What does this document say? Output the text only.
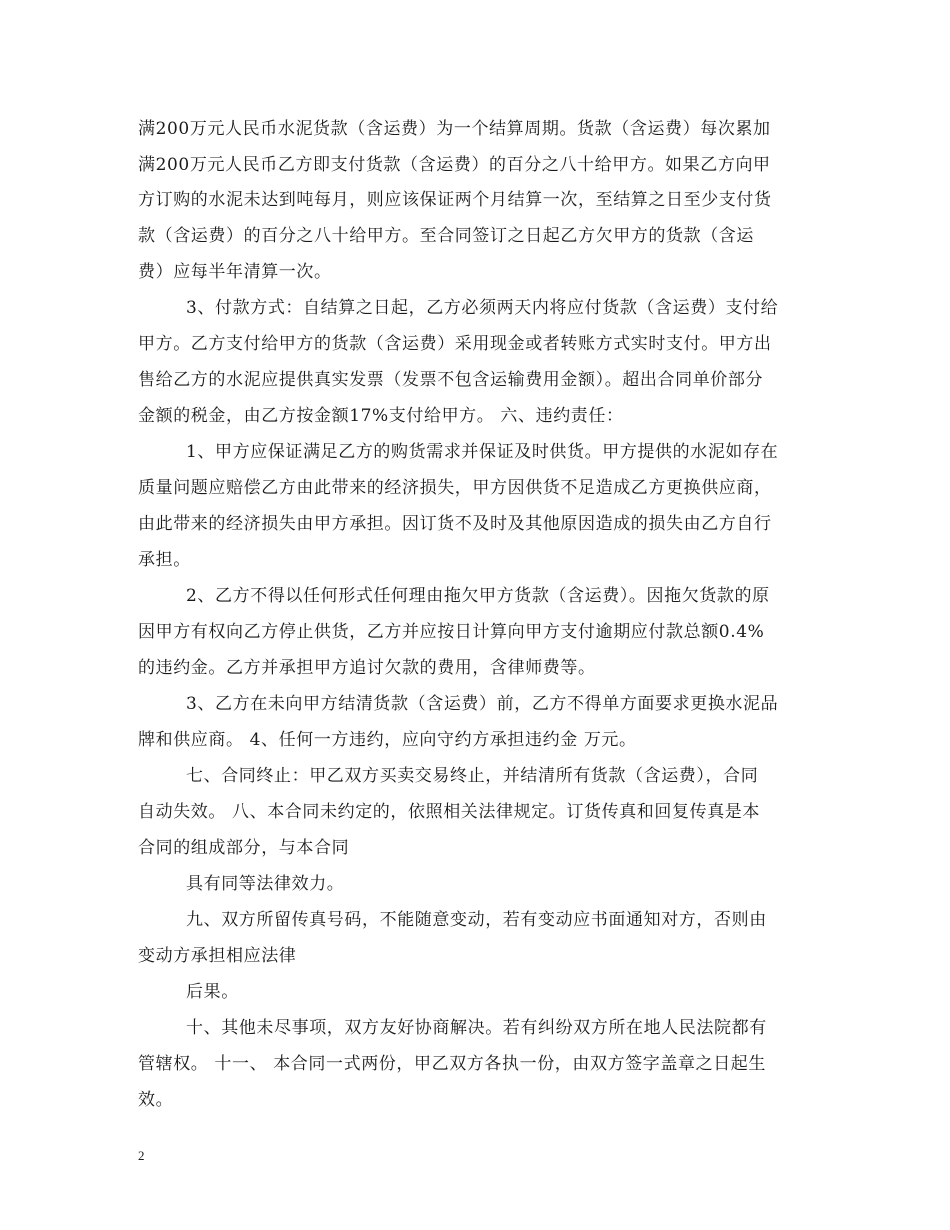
满200万元人民币水泥货款（含运费）为一个结算周期。货款（含运费）每次累加
满200万元人民币乙方即支付货款（含运费）的百分之八十给甲方。如果乙方向甲
方订购的水泥未达到吨每月，则应该保证两个月结算一次，至结算之日至少支付货
款（含运费）的百分之八十给甲方。至合同签订之日起乙方欠甲方的货款（含运
费）应每半年清算一次。
3、付款方式：自结算之日起，乙方必须两天内将应付货款（含运费）支付给
甲方。乙方支付给甲方的货款（含运费）采用现金或者转账方式实时支付。甲方出
售给乙方的水泥应提供真实发票（发票不包含运输费用金额）。超出合同单价部分
金额的税金，由乙方按金额17%支付给甲方。 六、违约责任：
1、甲方应保证满足乙方的购货需求并保证及时供货。甲方提供的水泥如存在
质量问题应赔偿乙方由此带来的经济损失，甲方因供货不足造成乙方更换供应商，
由此带来的经济损失由甲方承担。因订货不及时及其他原因造成的损失由乙方自行
承担。
2、乙方不得以任何形式任何理由拖欠甲方货款（含运费）。因拖欠货款的原
因甲方有权向乙方停止供货，乙方并应按日计算向甲方支付逾期应付款总额0.4%
的违约金。乙方并承担甲方追讨欠款的费用，含律师费等。
3、乙方在未向甲方结清货款（含运费）前，乙方不得单方面要求更换水泥品
牌和供应商。 4、任何一方违约，应向守约方承担违约金 万元。
七、合同终止：甲乙双方买卖交易终止，并结清所有货款（含运费），合同
自动失效。 八、本合同未约定的，依照相关法律规定。订货传真和回复传真是本
合同的组成部分，与本合同
具有同等法律效力。
九、双方所留传真号码，不能随意变动，若有变动应书面通知对方，否则由
变动方承担相应法律
后果。
十、其他未尽事项，双方友好协商解决。若有纠纷双方所在地人民法院都有
管辖权。 十一、 本合同一式两份，甲乙双方各执一份，由双方签字盖章之日起生
效。
2
